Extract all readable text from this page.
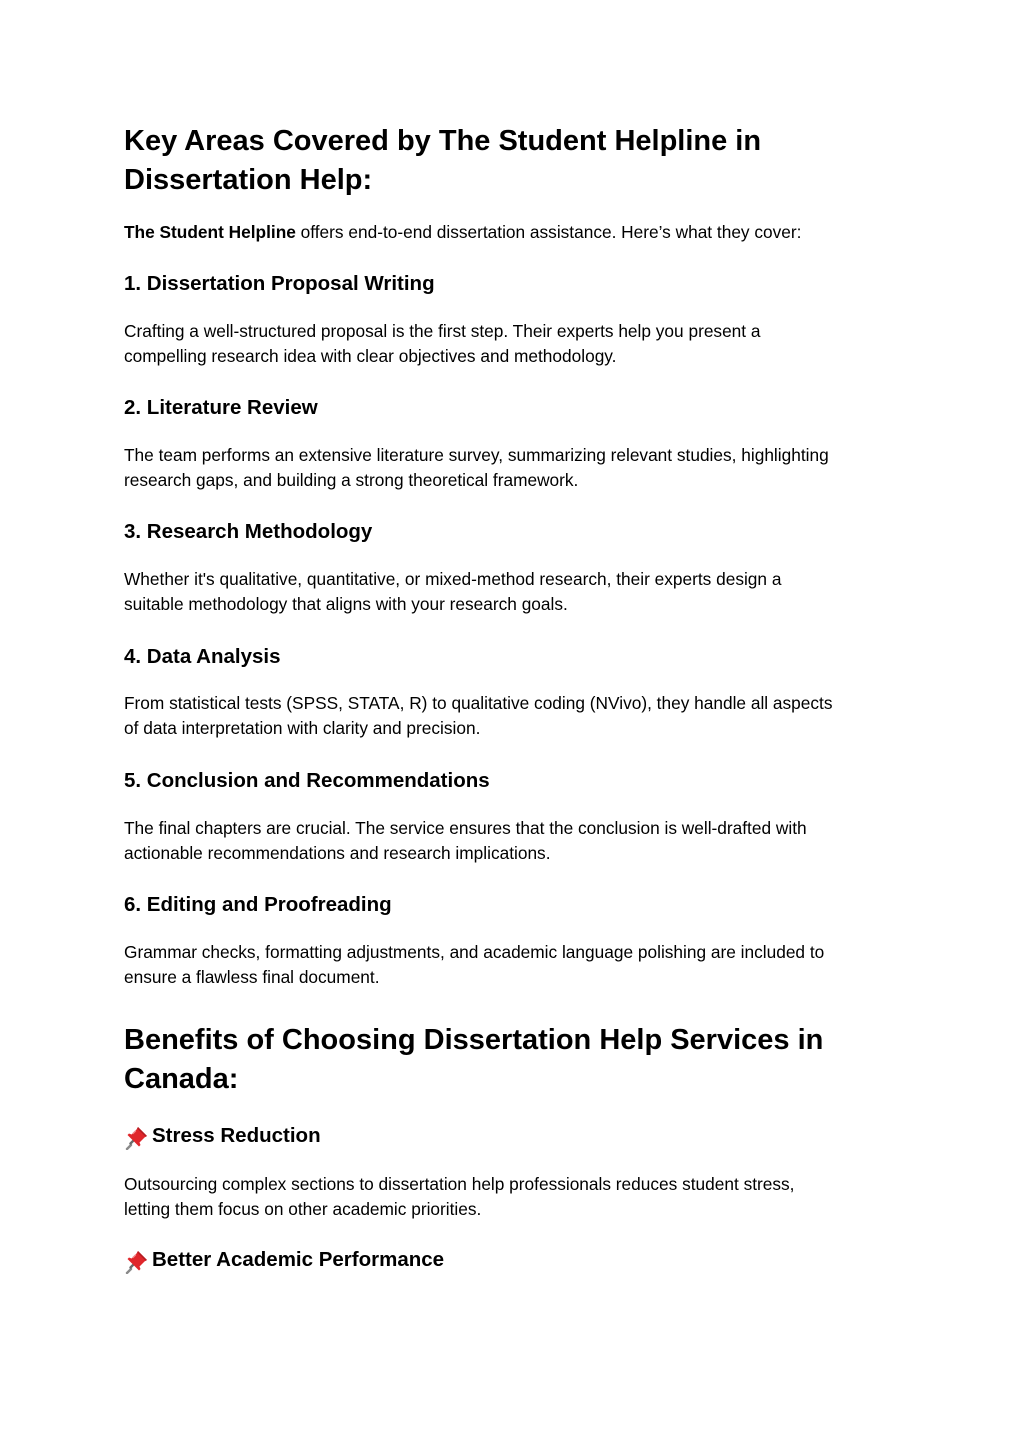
Key Areas Covered by The Student Helpline in
Dissertation Help:

The Student Helpline offers end-to-end dissertation assistance. Here’s what they cover:

1. Dissertation Proposal Writing

Crafting a well-structured proposal is the first step. Their experts help you present a
compelling research idea with clear objectives and methodology.

2. Literature Review

The team performs an extensive literature survey, summarizing relevant studies, highlighting
research gaps, and building a strong theoretical framework.

3. Research Methodology

Whether it's qualitative, quantitative, or mixed-method research, their experts design a
suitable methodology that aligns with your research goals.

4. Data Analysis

From statistical tests (SPSS, STATA, R) to qualitative coding (NVivo), they handle all aspects
of data interpretation with clarity and precision.

5. Conclusion and Recommendations

The final chapters are crucial. The service ensures that the conclusion is well-drafted with
actionable recommendations and research implications.

6. Editing and Proofreading

Grammar checks, formatting adjustments, and academic language polishing are included to
ensure a flawless final document.

Benefits of Choosing Dissertation Help Services in
Canada:
Stress Reduction

Outsourcing complex sections to dissertation help professionals reduces student stress,
letting them focus on other academic priorities.

Better Academic Performance
